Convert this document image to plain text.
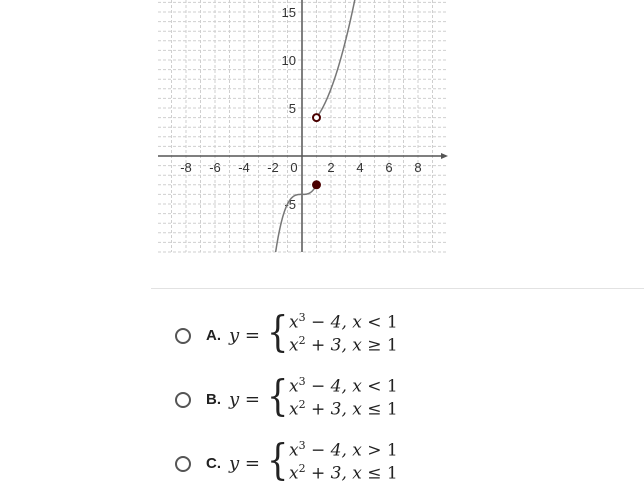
-8 -6 -4 -2 0 2 4 6 8
15
10
5
-5
A. y = { $x^3 - 4$, x < 1
$x^2 + 3$, x ≥ 1
B. y = { $x^3 - 4$, x < 1
$x^2 + 3$, x ≤ 1
C. y = { $x^3 - 4$, x > 1
$x^2 + 3$, x ≤ 1
